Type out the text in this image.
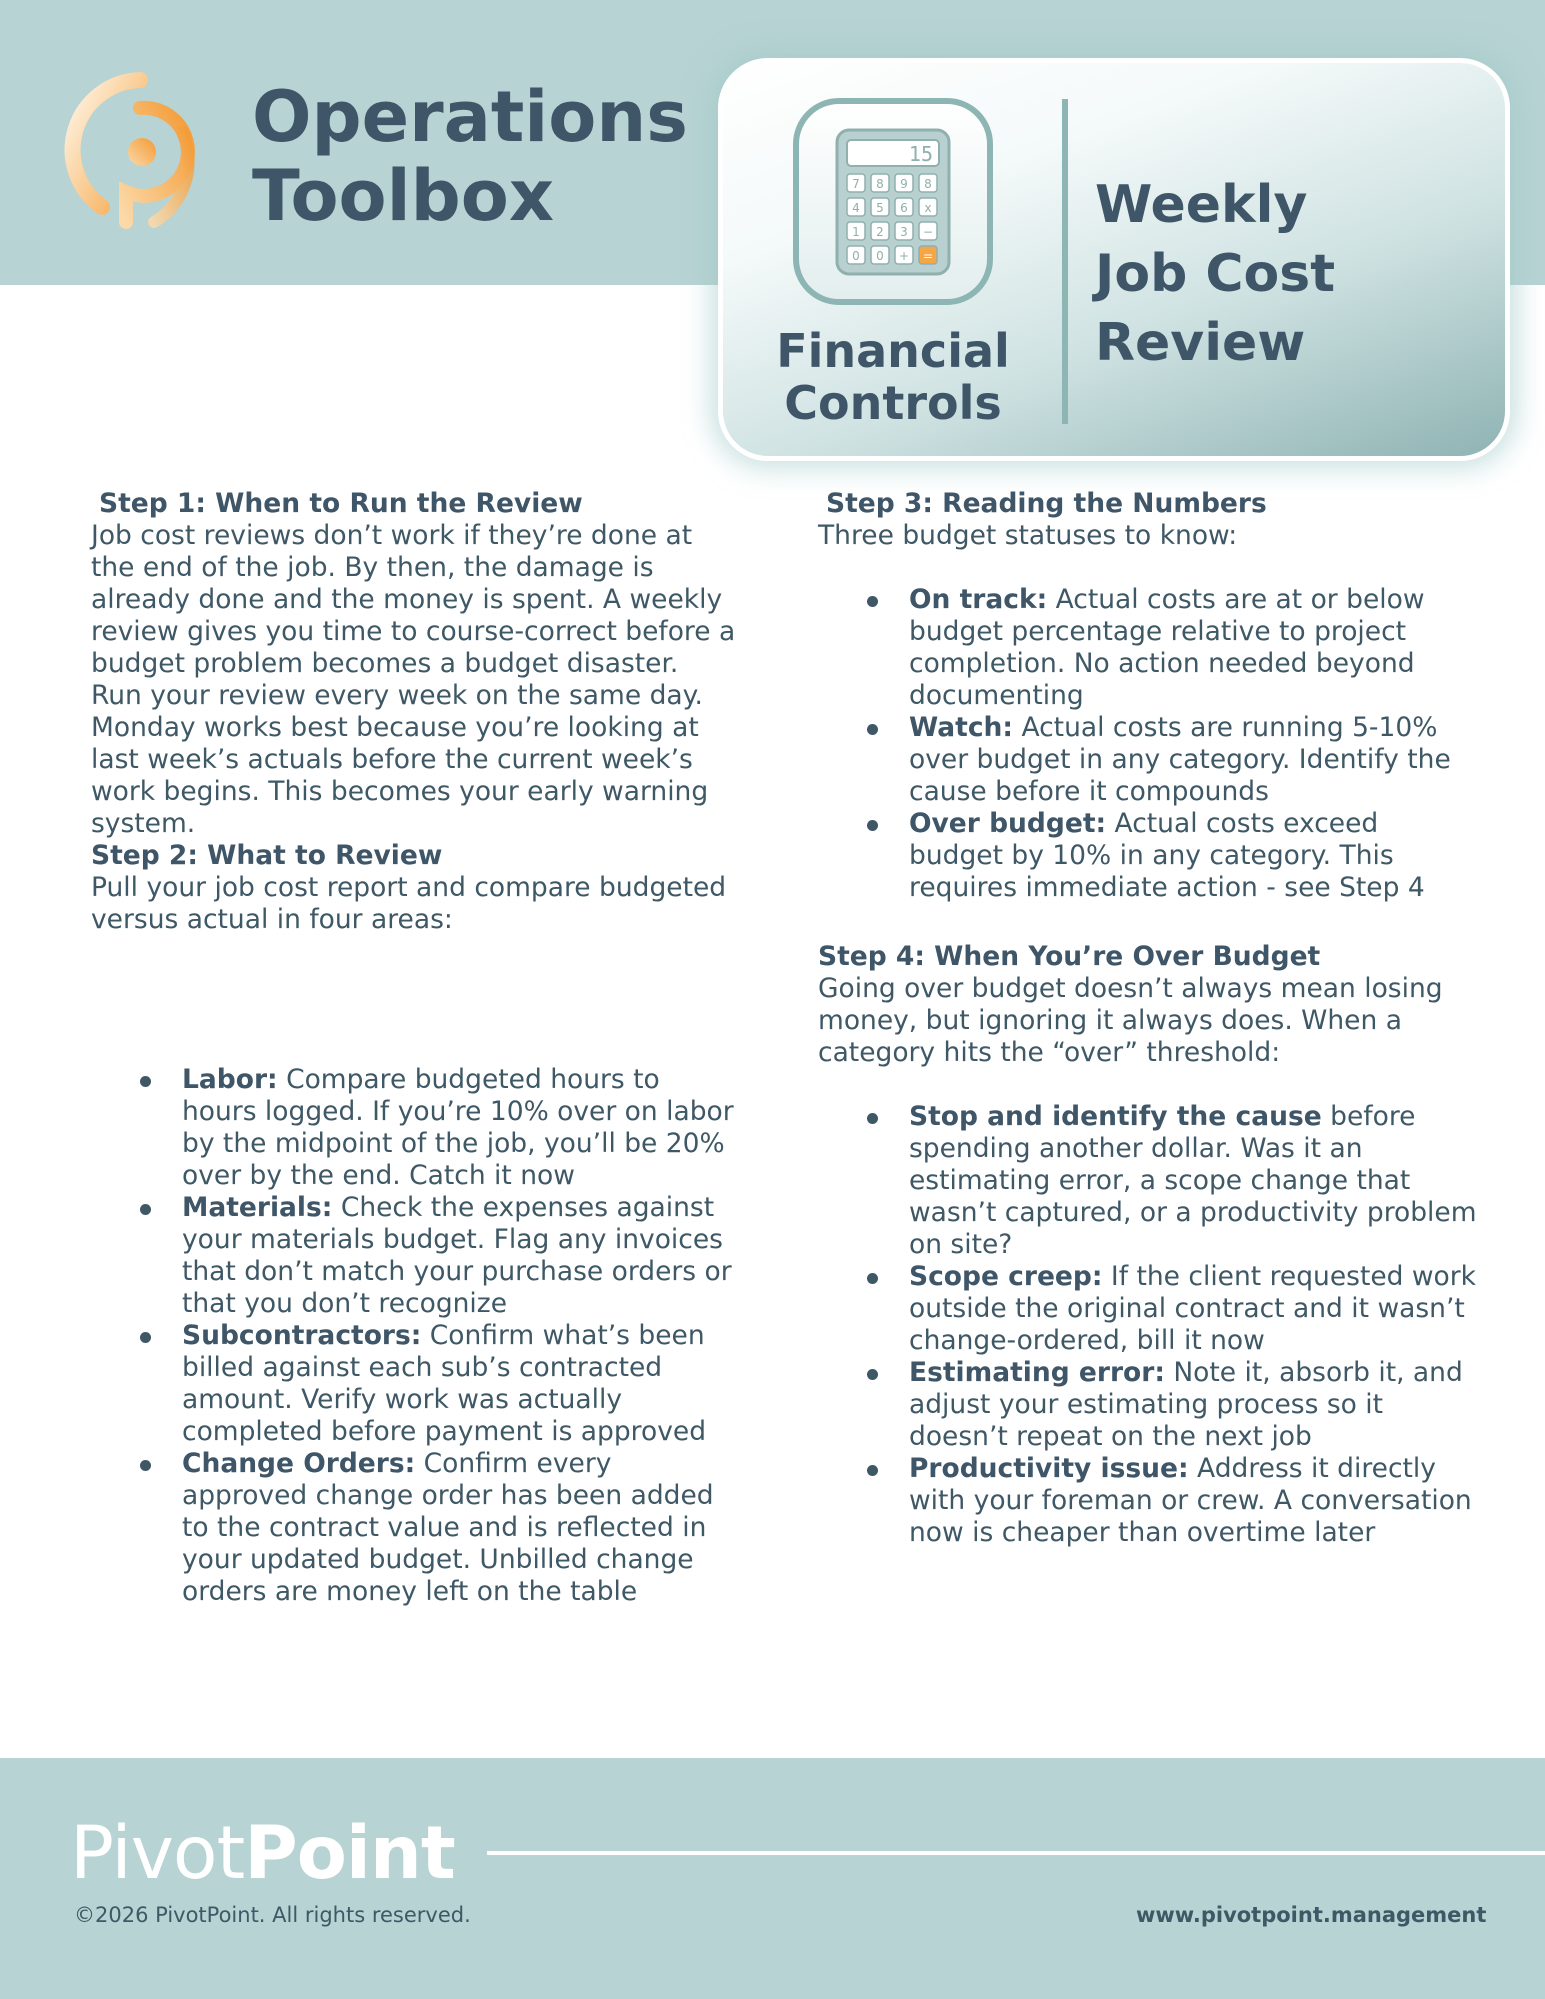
Operations
Toolbox
15
7 8 9 8
4 5 6 x
1 2 3 −
0 0 + =
Financial
Controls
Weekly
Job Cost
Review
Step 1: When to Run the Review

Job cost reviews don’t work if they’re done at the end of the job. By then, the damage is already done and the money is spent. A weekly review gives you time to course-correct before a budget problem becomes a budget disaster.

Run your review every week on the same day. Monday works best because you’re looking at last week’s actuals before the current week’s work begins. This becomes your early warning system.

Step 2: What to Review

Pull your job cost report and compare budgeted versus actual in four areas:

Labor: Compare budgeted hours to hours logged. If you’re 10% over on labor by the midpoint of the job, you’ll be 20% over by the end. Catch it now
Materials: Check the expenses against your materials budget. Flag any invoices that don’t match your purchase orders or that you don’t recognize
Subcontractors: Confirm what’s been billed against each sub’s contracted amount. Verify work was actually completed before payment is approved
Change Orders: Confirm every approved change order has been added to the contract value and is reflected in your updated budget. Unbilled change orders are money left on the table
Step 3: Reading the Numbers

Three budget statuses to know:

On track: Actual costs are at or below budget percentage relative to project completion. No action needed beyond documenting
Watch: Actual costs are running 5-10% over budget in any category. Identify the cause before it compounds
Over budget: Actual costs exceed budget by 10% in any category. This requires immediate action - see Step 4
Step 4: When You’re Over Budget

Going over budget doesn’t always mean losing money, but ignoring it always does. When a category hits the “over” threshold:

Stop and identify the cause before spending another dollar. Was it an estimating error, a scope change that wasn’t captured, or a productivity problem on site?
Scope creep: If the client requested work outside the original contract and it wasn’t change-ordered, bill it now
Estimating error: Note it, absorb it, and adjust your estimating process so it doesn’t repeat on the next job
Productivity issue: Address it directly with your foreman or crew. A conversation now is cheaper than overtime later
PivotPoint
©2026 PivotPoint. All rights reserved.	www.pivotpoint.management
